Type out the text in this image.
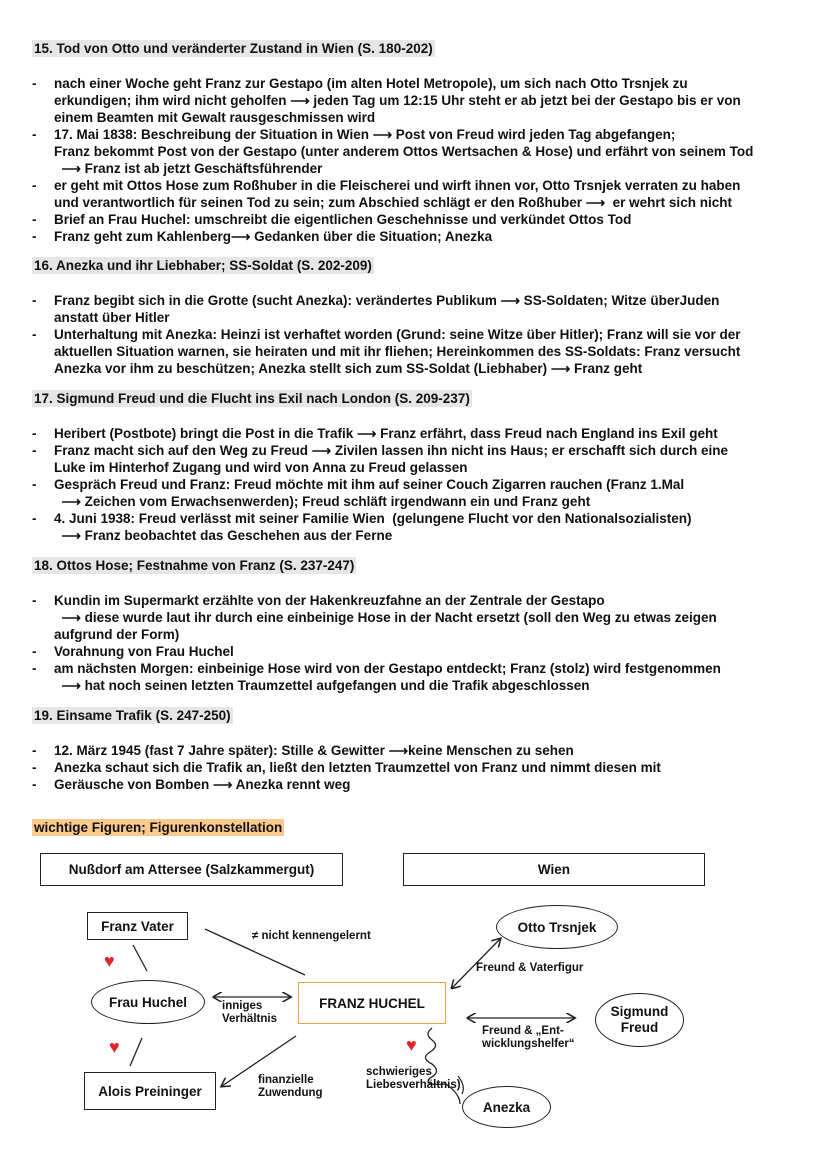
15. Tod von Otto und veränderter Zustand in Wien (S. 180-202)
- nach einer Woche geht Franz zur Gestapo (im alten Hotel Metropole), um sich nach Otto Trsnjek zu
erkundigen; ihm wird nicht geholfen ⟶ jeden Tag um 12:15 Uhr steht er ab jetzt bei der Gestapo bis er von
einem Beamten mit Gewalt rausgeschmissen wird
- 17. Mai 1838: Beschreibung der Situation in Wien ⟶ Post von Freud wird jeden Tag abgefangen;
Franz bekommt Post von der Gestapo (unter anderem Ottos Wertsachen & Hose) und erfährt von seinem Tod
⟶ Franz ist ab jetzt Geschäftsführender
- er geht mit Ottos Hose zum Roßhuber in die Fleischerei und wirft ihnen vor, Otto Trsnjek verraten zu haben
und verantwortlich für seinen Tod zu sein; zum Abschied schlägt er den Roßhuber ⟶  er wehrt sich nicht
- Brief an Frau Huchel: umschreibt die eigentlichen Geschehnisse und verkündet Ottos Tod
- Franz geht zum Kahlenberg⟶ Gedanken über die Situation; Anezka
16. Anezka und ihr Liebhaber; SS-Soldat (S. 202-209)
- Franz begibt sich in die Grotte (sucht Anezka): verändertes Publikum ⟶ SS-Soldaten; Witze überJuden
anstatt über Hitler
- Unterhaltung mit Anezka: Heinzi ist verhaftet worden (Grund: seine Witze über Hitler); Franz will sie vor der
aktuellen Situation warnen, sie heiraten und mit ihr fliehen; Hereinkommen des SS-Soldats: Franz versucht
Anezka vor ihm zu beschützen; Anezka stellt sich zum SS-Soldat (Liebhaber) ⟶ Franz geht
17. Sigmund Freud und die Flucht ins Exil nach London (S. 209-237)
- Heribert (Postbote) bringt die Post in die Trafik ⟶ Franz erfährt, dass Freud nach England ins Exil geht
- Franz macht sich auf den Weg zu Freud ⟶ Zivilen lassen ihn nicht ins Haus; er erschafft sich durch eine
Luke im Hinterhof Zugang und wird von Anna zu Freud gelassen
- Gespräch Freud und Franz: Freud möchte mit ihm auf seiner Couch Zigarren rauchen (Franz 1.Mal
⟶ Zeichen vom Erwachsenwerden); Freud schläft irgendwann ein und Franz geht
- 4. Juni 1938: Freud verlässt mit seiner Familie Wien  (gelungene Flucht vor den Nationalsozialisten)
⟶ Franz beobachtet das Geschehen aus der Ferne
18. Ottos Hose; Festnahme von Franz (S. 237-247)
- Kundin im Supermarkt erzählte von der Hakenkreuzfahne an der Zentrale der Gestapo
⟶ diese wurde laut ihr durch eine einbeinige Hose in der Nacht ersetzt (soll den Weg zu etwas zeigen
aufgrund der Form)
- Vorahnung von Frau Huchel
- am nächsten Morgen: einbeinige Hose wird von der Gestapo entdeckt; Franz (stolz) wird festgenommen
⟶ hat noch seinen letzten Traumzettel aufgefangen und die Trafik abgeschlossen
19. Einsame Trafik (S. 247-250)
- 12. März 1945 (fast 7 Jahre später): Stille & Gewitter ⟶keine Menschen zu sehen
- Anezka schaut sich die Trafik an, ließt den letzten Traumzettel von Franz und nimmt diesen mit
- Geräusche von Bomben ⟶ Anezka rennt weg
wichtige Figuren; Figurenkonstellation
Nußdorf am Attersee (Salzkammergut)	Wien
Franz Vater
Frau Huchel
Alois Preininger
FRANZ HUCHEL
Otto Trsnjek
Sigmund Freud
Anezka
≠ nicht kennengelernt
inniges
Verhältnis
finanzielle
Zuwendung
Freund & Vaterfigur
Freund & „Ent-
wicklungshelfer“
schwieriges
Liebesverhältnis)
♥
♥	♥
